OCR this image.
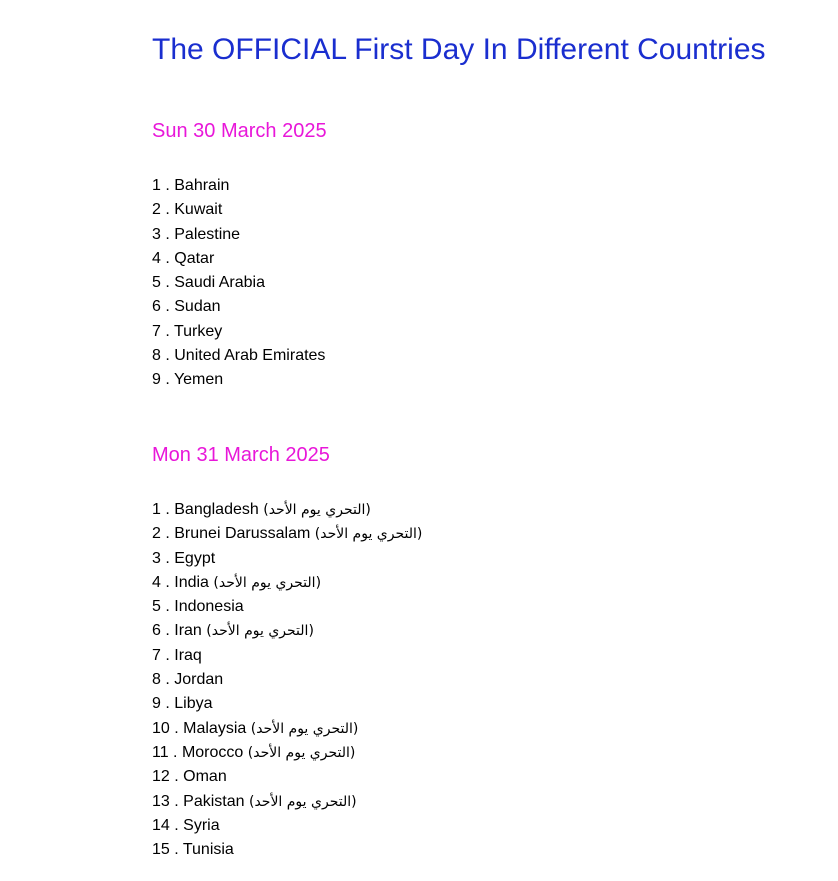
The OFFICIAL First Day In Different Countries
Sun 30 March 2025
1 . Bahrain
2 . Kuwait
3 . Palestine
4 . Qatar
5 . Saudi Arabia
6 . Sudan
7 . Turkey
8 . United Arab Emirates
9 . Yemen
Mon 31 March 2025
1 . Bangladesh (التحري يوم الأحد)
2 . Brunei Darussalam (التحري يوم الأحد)
3 . Egypt
4 . India (التحري يوم الأحد)
5 . Indonesia
6 . Iran (التحري يوم الأحد)
7 . Iraq
8 . Jordan
9 . Libya
10 . Malaysia (التحري يوم الأحد)
11 . Morocco (التحري يوم الأحد)
12 . Oman
13 . Pakistan (التحري يوم الأحد)
14 . Syria
15 . Tunisia
